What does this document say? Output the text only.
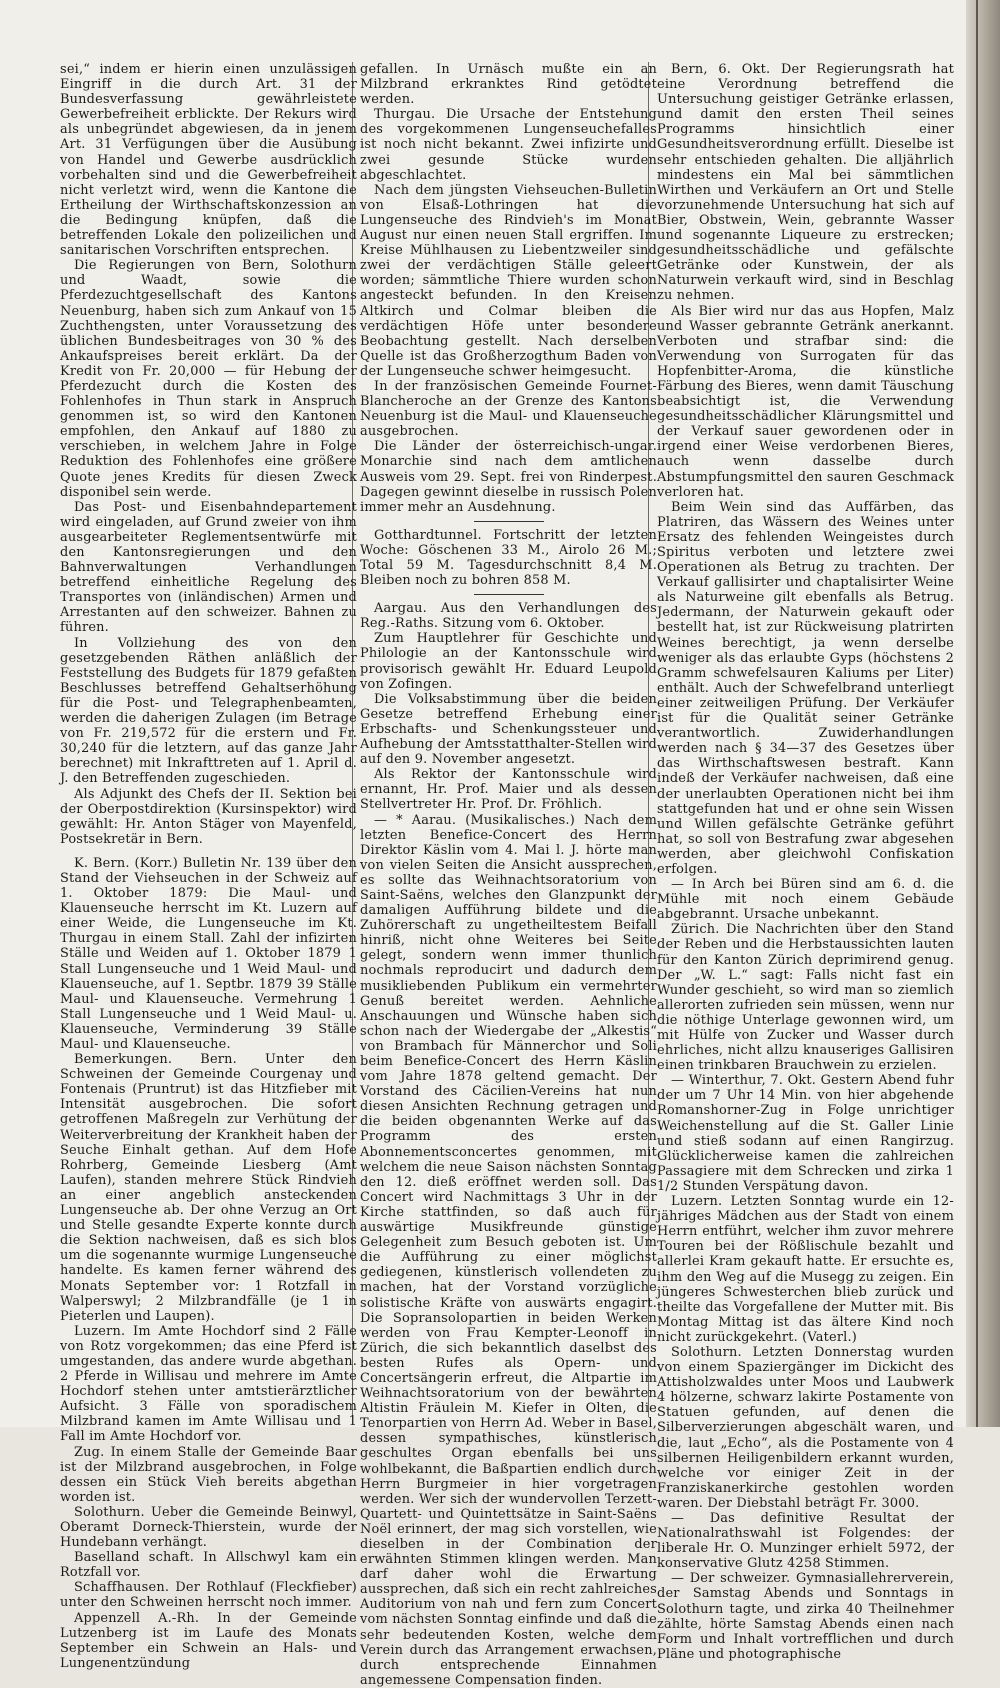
sei,“ indem er hierin einen unzulässigen Eingriff in die durch Art. 31 der Bundesverfassung gewährleistete Gewerbefreiheit erblickte. Der Rekurs wird als unbegründet abgewiesen, da in jenem Art. 31 Verfügungen über die Ausübung von Handel und Gewerbe ausdrücklich vorbehalten sind und die Gewerbefreiheit nicht verletzt wird, wenn die Kantone die Ertheilung der Wirthschaftskonzession an die Bedingung knüpfen, daß die betreffenden Lokale den polizeilichen und sanitarischen Vorschriften entsprechen.

Die Regierungen von Bern, Solothurn und Waadt, sowie die Pferdezuchtgesellschaft des Kantons Neuenburg, haben sich zum Ankauf von 15 Zuchthengsten, unter Voraussetzung des üblichen Bundesbeitrages von 30 % des Ankaufspreises bereit erklärt. Da der Kredit von Fr. 20,000 — für Hebung der Pferdezucht durch die Kosten des Fohlenhofes in Thun stark in Anspruch genommen ist, so wird den Kantonen empfohlen, den Ankauf auf 1880 zu verschieben, in welchem Jahre in Folge Reduktion des Fohlenhofes eine größere Quote jenes Kredits für diesen Zweck disponibel sein werde.

Das Post- und Eisenbahndepartement wird eingeladen, auf Grund zweier von ihm ausgearbeiteter Reglementsentwürfe mit den Kantonsregierungen und den Bahnverwaltungen Verhandlungen betreffend einheitliche Regelung des Transportes von (inländischen) Armen und Arrestanten auf den schweizer. Bahnen zu führen.

In Vollziehung des von den gesetzgebenden Räthen anläßlich der Feststellung des Budgets für 1879 gefaßten Beschlusses betreffend Gehaltserhöhung für die Post- und Telegraphenbeamten, werden die daherigen Zulagen (im Betrage von Fr. 219,572 für die erstern und Fr. 30,240 für die letztern, auf das ganze Jahr berechnet) mit Inkrafttreten auf 1. April d. J. den Betreffenden zugeschieden.

Als Adjunkt des Chefs der II. Sektion bei der Oberpostdirektion (Kursinspektor) wird gewählt: Hr. Anton Stäger von Mayenfeld, Postsekretär in Bern.

K. Bern. (Korr.) Bulletin Nr. 139 über den Stand der Viehseuchen in der Schweiz auf 1. Oktober 1879: Die Maul- und Klauenseuche herrscht im Kt. Luzern auf einer Weide, die Lungenseuche im Kt. Thurgau in einem Stall. Zahl der infizirten Ställe und Weiden auf 1. Oktober 1879 1 Stall Lungenseuche und 1 Weid Maul- und Klauenseuche, auf 1. Septbr. 1879 39 Ställe Maul- und Klauenseuche. Vermehrung 1 Stall Lungenseuche und 1 Weid Maul- u. Klauenseuche, Verminderung 39 Ställe Maul- und Klauenseuche.

Bemerkungen. Bern. Unter den Schweinen der Gemeinde Courgenay und Fontenais (Pruntrut) ist das Hitzfieber mit Intensität ausgebrochen. Die sofort getroffenen Maßregeln zur Verhütung der Weiterverbreitung der Krankheit haben der Seuche Einhalt gethan. Auf dem Hofe Rohrberg, Gemeinde Liesberg (Amt Laufen), standen mehrere Stück Rindvieh an einer angeblich ansteckenden Lungenseuche ab. Der ohne Verzug an Ort und Stelle gesandte Experte konnte durch die Sektion nachweisen, daß es sich blos um die sogenannte wurmige Lungenseuche handelte. Es kamen ferner während des Monats September vor: 1 Rotzfall in Walperswyl; 2 Milzbrandfälle (je 1 in Pieterlen und Laupen).

Luzern. Im Amte Hochdorf sind 2 Fälle von Rotz vorgekommen; das eine Pferd ist umgestanden, das andere wurde abgethan. 2 Pferde in Willisau und mehrere im Amte Hochdorf stehen unter amtstierärztlicher Aufsicht. 3 Fälle von sporadischem Milzbrand kamen im Amte Willisau und 1 Fall im Amte Hochdorf vor.

Zug. In einem Stalle der Gemeinde Baar ist der Milzbrand ausgebrochen, in Folge dessen ein Stück Vieh bereits abgethan worden ist.

Solothurn. Ueber die Gemeinde Beinwyl, Oberamt Dorneck-Thierstein, wurde der Hundebann verhängt.

Baselland schaft. In Allschwyl kam ein Rotzfall vor.

Schaffhausen. Der Rothlauf (Fleckfieber) unter den Schweinen herrscht noch immer.

Appenzell A.-Rh. In der Gemeinde Lutzenberg ist im Laufe des Monats September ein Schwein an Hals- und Lungenentzündung

gefallen. In Urnäsch mußte ein an Milzbrand erkranktes Rind getödtet werden.

Thurgau. Die Ursache der Entstehung des vorgekommenen Lungenseuchefalles ist noch nicht bekannt. Zwei infizirte und zwei gesunde Stücke wurden abgeschlachtet.

Nach dem jüngsten Viehseuchen-Bulletin von Elsaß-Lothringen hat die Lungenseuche des Rindvieh's im Monat August nur einen neuen Stall ergriffen. Im Kreise Mühlhausen zu Liebentzweiler sind zwei der verdächtigen Ställe geleert worden; sämmtliche Thiere wurden schon angesteckt befunden. In den Kreisen Altkirch und Colmar bleiben die verdächtigen Höfe unter besondere Beobachtung gestellt. Nach derselben Quelle ist das Großherzogthum Baden von der Lungenseuche schwer heimgesucht.

In der französischen Gemeinde Fournet-Blancheroche an der Grenze des Kantons Neuenburg ist die Maul- und Klauenseuche ausgebrochen.

Die Länder der österreichisch-ungar. Monarchie sind nach dem amtlichen Ausweis vom 29. Sept. frei von Rinderpest. Dagegen gewinnt dieselbe in russisch Polen immer mehr an Ausdehnung.

Gotthardtunnel. Fortschritt der letzten Woche: Göschenen 33 M., Airolo 26 M.; Total 59 M. Tagesdurchschnitt 8,4 M. Bleiben noch zu bohren 858 M.

Aargau. Aus den Verhandlungen des Reg.-Raths. Sitzung vom 6. Oktober.

Zum Hauptlehrer für Geschichte und Philologie an der Kantonsschule wird provisorisch gewählt Hr. Eduard Leupold von Zofingen.

Die Volksabstimmung über die beiden Gesetze betreffend Erhebung einer Erbschafts- und Schenkungssteuer und Aufhebung der Amtsstatthalter-Stellen wird auf den 9. November angesetzt.

Als Rektor der Kantonsschule wird ernannt, Hr. Prof. Maier und als dessen Stellvertreter Hr. Prof. Dr. Fröhlich.

— * Aarau. (Musikalisches.) Nach dem letzten Benefice-Concert des Herrn Direktor Käslin vom 4. Mai l. J. hörte man von vielen Seiten die Ansicht aussprechen, es sollte das Weihnachtsoratorium von Saint-Saëns, welches den Glanzpunkt der damaligen Aufführung bildete und die Zuhörerschaft zu ungetheiltestem Beifall hinriß, nicht ohne Weiteres bei Seite gelegt, sondern wenn immer thunlich nochmals reproducirt und dadurch dem musikliebenden Publikum ein vermehrter Genuß bereitet werden. Aehnliche Anschauungen und Wünsche haben sich schon nach der Wiedergabe der „Alkestis“ von Brambach für Männerchor und Soli beim Benefice-Concert des Herrn Käslin vom Jahre 1878 geltend gemacht. Der Vorstand des Cäcilien-Vereins hat nun diesen Ansichten Rechnung getragen und die beiden obgenannten Werke auf das Programm des ersten Abonnementsconcertes genommen, mit welchem die neue Saison nächsten Sonntag den 12. dieß eröffnet werden soll. Das Concert wird Nachmittags 3 Uhr in der Kirche stattfinden, so daß auch für auswärtige Musikfreunde günstige Gelegenheit zum Besuch geboten ist. Um die Aufführung zu einer möglichst gediegenen, künstlerisch vollendeten zu machen, hat der Vorstand vorzügliche solistische Kräfte von auswärts engagirt. Die Sopransolopartien in beiden Werken werden von Frau Kempter-Leonoff in Zürich, die sich bekanntlich daselbst des besten Rufes als Opern- und Concertsängerin erfreut, die Altpartie im Weihnachtsoratorium von der bewährten Altistin Fräulein M. Kiefer in Olten, die Tenorpartien von Herrn Ad. Weber in Basel, dessen sympathisches, künstlerisch geschultes Organ ebenfalls bei uns wohlbekannt, die Baßpartien endlich durch Herrn Burgmeier in hier vorgetragen werden. Wer sich der wundervollen Terzett-Quartett- und Quintettsätze in Saint-Saëns Noël erinnert, der mag sich vorstellen, wie dieselben in der Combination der erwähnten Stimmen klingen werden. Man darf daher wohl die Erwartung aussprechen, daß sich ein recht zahlreiches Auditorium von nah und fern zum Concert vom nächsten Sonntag einfinde und daß die sehr bedeutenden Kosten, welche dem Verein durch das Arrangement erwachsen, durch entsprechende Einnahmen angemessene Compensation finden.

Bern, 6. Okt. Der Regierungsrath hat eine Verordnung betreffend die Untersuchung geistiger Getränke erlassen, und damit den ersten Theil seines Programms hinsichtlich einer Gesundheitsverordnung erfüllt. Dieselbe ist sehr entschieden gehalten. Die alljährlich mindestens ein Mal bei sämmtlichen Wirthen und Verkäufern an Ort und Stelle vorzunehmende Untersuchung hat sich auf Bier, Obstwein, Wein, gebrannte Wasser und sogenannte Liqueure zu erstrecken; gesundheitsschädliche und gefälschte Getränke oder Kunstwein, der als Naturwein verkauft wird, sind in Beschlag zu nehmen.

Als Bier wird nur das aus Hopfen, Malz und Wasser gebrannte Getränk anerkannt. Verboten und strafbar sind: die Verwendung von Surrogaten für das Hopfenbitter-Aroma, die künstliche Färbung des Bieres, wenn damit Täuschung beabsichtigt ist, die Verwendung gesundheitsschädlicher Klärungsmittel und der Verkauf sauer gewordenen oder in irgend einer Weise verdorbenen Bieres, auch wenn dasselbe durch Abstumpfungsmittel den sauren Geschmack verloren hat.

Beim Wein sind das Auffärben, das Platriren, das Wässern des Weines unter Ersatz des fehlenden Weingeistes durch Spiritus verboten und letztere zwei Operationen als Betrug zu trachten. Der Verkauf gallisirter und chaptalisirter Weine als Naturweine gilt ebenfalls als Betrug. Jedermann, der Naturwein gekauft oder bestellt hat, ist zur Rückweisung platrirten Weines berechtigt, ja wenn derselbe weniger als das erlaubte Gyps (höchstens 2 Gramm schwefelsauren Kaliums per Liter) enthält. Auch der Schwefelbrand unterliegt einer zeitweiligen Prüfung. Der Verkäufer ist für die Qualität seiner Getränke verantwortlich. Zuwiderhandlungen werden nach § 34—37 des Gesetzes über das Wirthschaftswesen bestraft. Kann indeß der Verkäufer nachweisen, daß eine der unerlaubten Operationen nicht bei ihm stattgefunden hat und er ohne sein Wissen und Willen gefälschte Getränke geführt hat, so soll von Bestrafung zwar abgesehen werden, aber gleichwohl Confiskation erfolgen.

— In Arch bei Büren sind am 6. d. die Mühle mit noch einem Gebäude abgebrannt. Ursache unbekannt.

Zürich. Die Nachrichten über den Stand der Reben und die Herbstaussichten lauten für den Kanton Zürich deprimirend genug. Der „W. L.“ sagt: Falls nicht fast ein Wunder geschieht, so wird man so ziemlich allerorten zufrieden sein müssen, wenn nur die nöthige Unterlage gewonnen wird, um mit Hülfe von Zucker und Wasser durch ehrliches, nicht allzu knauseriges Gallisiren einen trinkbaren Brauchwein zu erzielen.

— Winterthur, 7. Okt. Gestern Abend fuhr der um 7 Uhr 14 Min. von hier abgehende Romanshorner-Zug in Folge unrichtiger Weichenstellung auf die St. Galler Linie und stieß sodann auf einen Rangirzug. Glücklicherweise kamen die zahlreichen Passagiere mit dem Schrecken und zirka 1 1/2 Stunden Verspätung davon.

Luzern. Letzten Sonntag wurde ein 12-jähriges Mädchen aus der Stadt von einem Herrn entführt, welcher ihm zuvor mehrere Touren bei der Rößlischule bezahlt und allerlei Kram gekauft hatte. Er ersuchte es, ihm den Weg auf die Musegg zu zeigen. Ein jüngeres Schwesterchen blieb zurück und theilte das Vorgefallene der Mutter mit. Bis Montag Mittag ist das ältere Kind noch nicht zurückgekehrt. (Vaterl.)

Solothurn. Letzten Donnerstag wurden von einem Spaziergänger im Dickicht des Attisholzwaldes unter Moos und Laubwerk 4 hölzerne, schwarz lakirte Postamente von Statuen gefunden, auf denen die Silberverzierungen abgeschält waren, und die, laut „Echo“, als die Postamente von 4 silbernen Heiligenbildern erkannt wurden, welche vor einiger Zeit in der Franziskanerkirche gestohlen worden waren. Der Diebstahl beträgt Fr. 3000.

— Das definitive Resultat der Nationalrathswahl ist Folgendes: der liberale Hr. O. Munzinger erhielt 5972, der konservative Glutz 4258 Stimmen.

— Der schweizer. Gymnasiallehrerverein, der Samstag Abends und Sonntags in Solothurn tagte, und zirka 40 Theilnehmer zählte, hörte Samstag Abends einen nach Form und Inhalt vortrefflichen und durch Pläne und photographische
